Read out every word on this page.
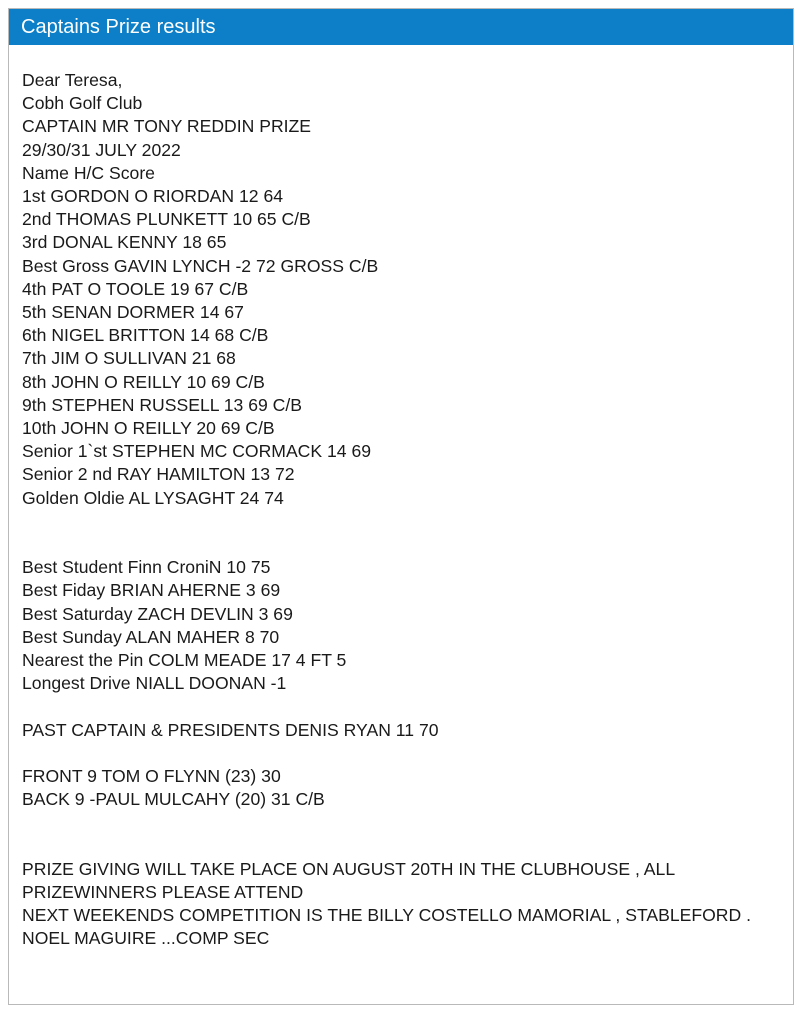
Captains Prize results
Dear Teresa,
Cobh Golf Club
CAPTAIN MR TONY REDDIN PRIZE
29/30/31 JULY 2022
Name H/C Score
1st GORDON O RIORDAN 12 64
2nd THOMAS PLUNKETT 10 65 C/B
3rd DONAL KENNY 18 65
Best Gross GAVIN LYNCH -2 72 GROSS C/B
4th PAT O TOOLE 19 67 C/B
5th SENAN DORMER 14 67
6th NIGEL BRITTON 14 68 C/B
7th JIM O SULLIVAN 21 68
8th JOHN O REILLY 10 69 C/B
9th STEPHEN RUSSELL 13 69 C/B
10th JOHN O REILLY 20 69 C/B
Senior 1`st STEPHEN MC CORMACK 14 69
Senior 2 nd RAY HAMILTON 13 72
Golden Oldie AL LYSAGHT 24 74
Best Student Finn CroniN 10 75
Best Fiday BRIAN AHERNE 3 69
Best Saturday ZACH DEVLIN 3 69
Best Sunday ALAN MAHER 8 70
Nearest the Pin COLM MEADE 17 4 FT 5
Longest Drive NIALL DOONAN -1
PAST CAPTAIN & PRESIDENTS DENIS RYAN 11 70
FRONT 9 TOM O FLYNN (23) 30
BACK 9 -PAUL MULCAHY (20) 31 C/B
PRIZE GIVING WILL TAKE PLACE ON AUGUST 20TH IN THE CLUBHOUSE , ALL PRIZEWINNERS PLEASE ATTEND
NEXT WEEKENDS COMPETITION IS THE BILLY COSTELLO MAMORIAL , STABLEFORD .
NOEL MAGUIRE ...COMP SEC
